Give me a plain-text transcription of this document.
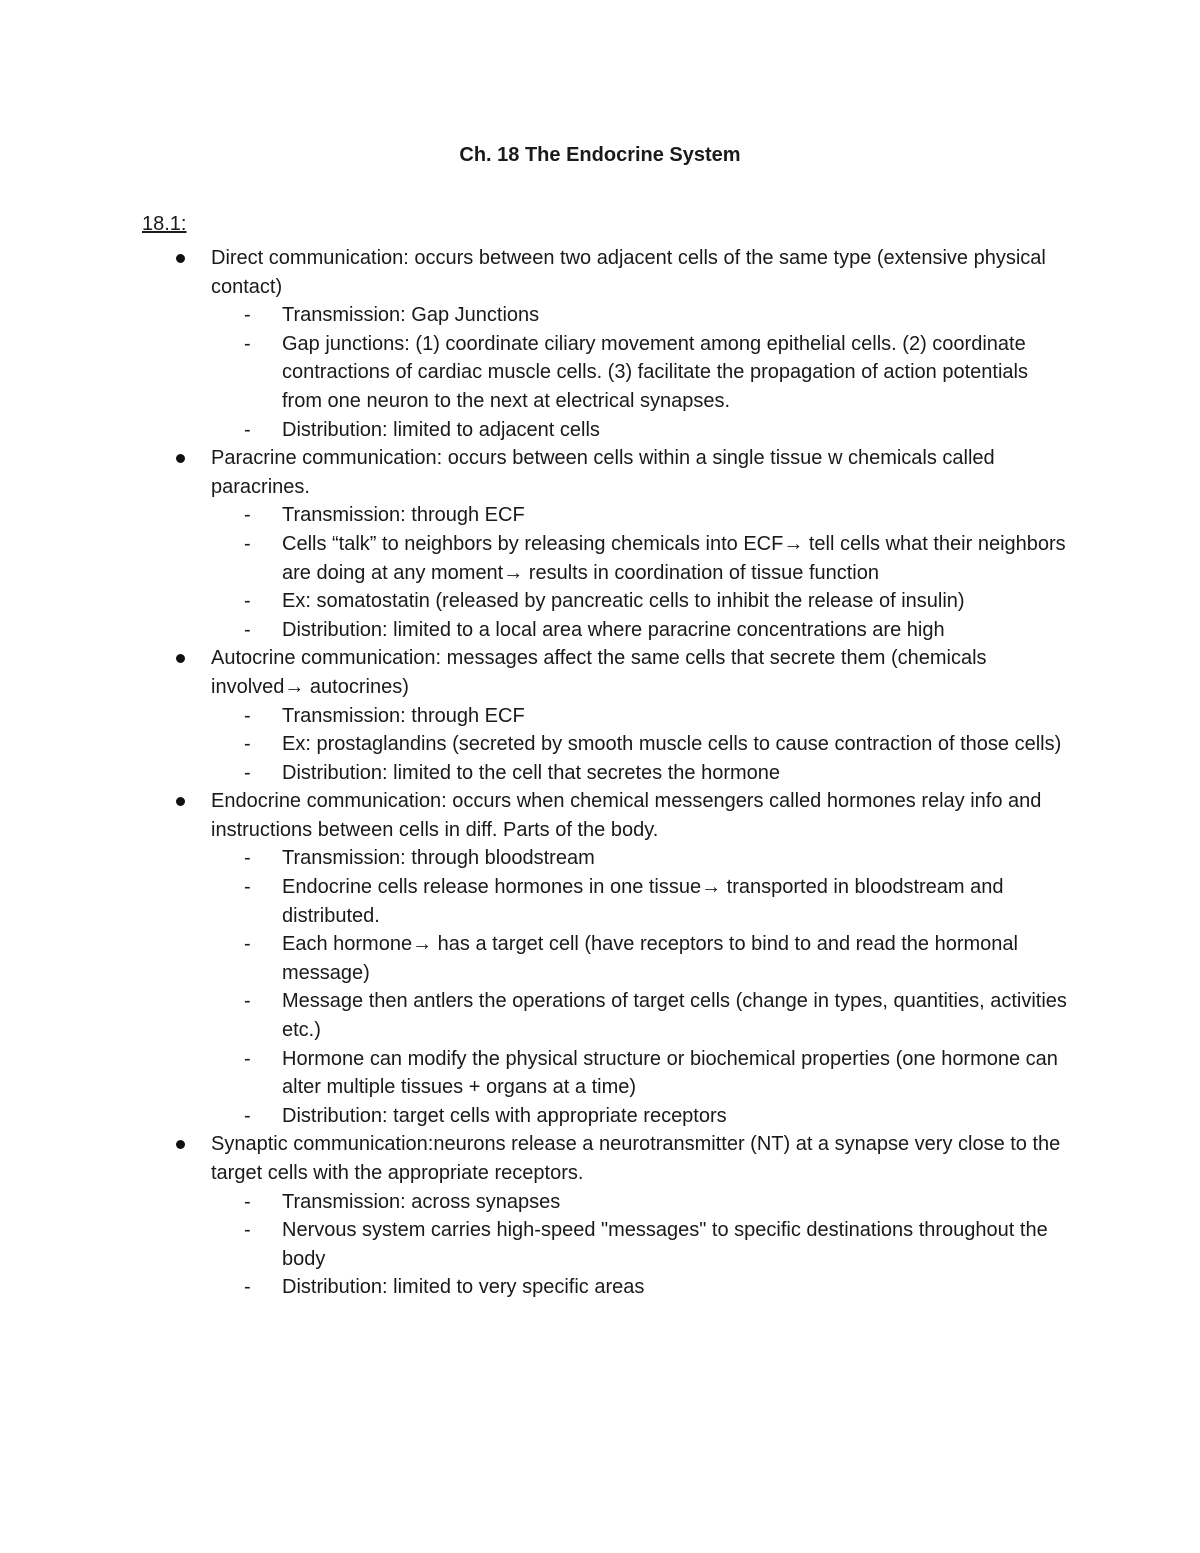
Ch. 18 The Endocrine System
18.1:
Direct communication: occurs between two adjacent cells of the same type (extensive physical contact)
- Transmission: Gap Junctions
- Gap junctions: (1) coordinate ciliary movement among epithelial cells. (2) coordinate contractions of cardiac muscle cells. (3) facilitate the propagation of action potentials from one neuron to the next at electrical synapses.
- Distribution: limited to adjacent cells
Paracrine communication: occurs between cells within a single tissue w chemicals called paracrines.
- Transmission: through ECF
- Cells “talk” to neighbors by releasing chemicals into ECF→ tell cells what their neighbors are doing at any moment→ results in coordination of tissue function
- Ex: somatostatin (released by pancreatic cells to inhibit the release of insulin)
- Distribution: limited to a local area where paracrine concentrations are high
Autocrine communication: messages affect the same cells that secrete them (chemicals involved→ autocrines)
- Transmission: through ECF
- Ex: prostaglandins (secreted by smooth muscle cells to cause contraction of those cells)
- Distribution: limited to the cell that secretes the hormone
Endocrine communication: occurs when chemical messengers called hormones relay info and instructions between cells in diff. Parts of the body.
- Transmission: through bloodstream
- Endocrine cells release hormones in one tissue→ transported in bloodstream and distributed.
- Each hormone→ has a target cell (have receptors to bind to and read the hormonal message)
- Message then antlers the operations of target cells (change in types, quantities, activities etc.)
- Hormone can modify the physical structure or biochemical properties (one hormone can alter multiple tissues + organs at a time)
- Distribution: target cells with appropriate receptors
Synaptic communication:neurons release a neurotransmitter (NT) at a synapse very close to the target cells with the appropriate receptors.
- Transmission: across synapses
- Nervous system carries high-speed "messages" to specific destinations throughout the body
- Distribution: limited to very specific areas
